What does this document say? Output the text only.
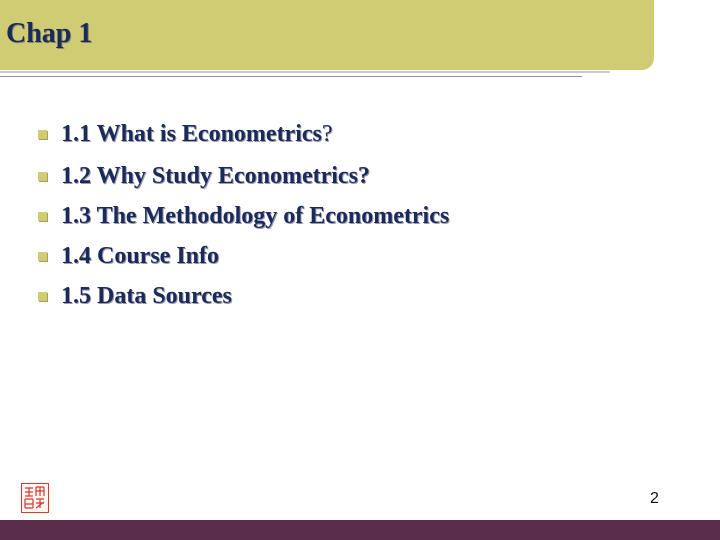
Chap 1
1.1 What is Econometrics ?
1.2 Why Study Econometrics?
1.3 The Methodology of Econometrics
1.4 Course Info
1.5 Data Sources
2
